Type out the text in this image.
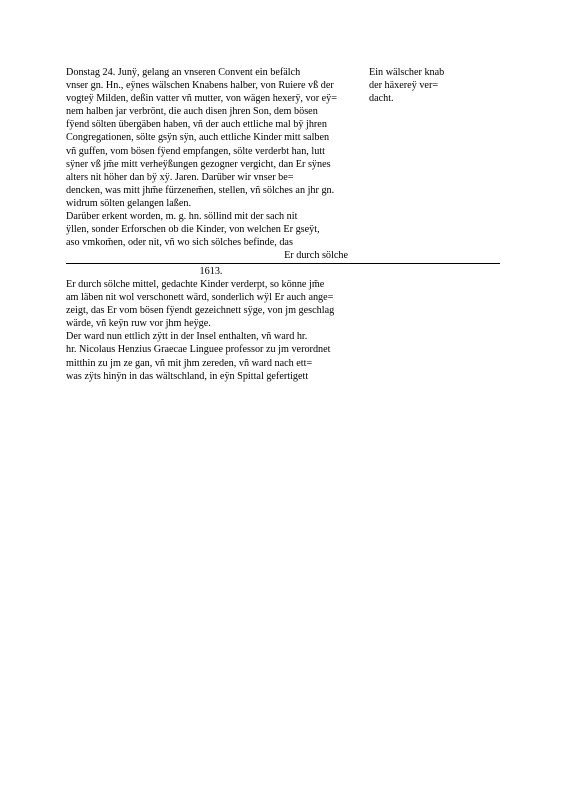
Donstag 24. Junÿ, gelang an vnseren Convent ein befälch
vnser gn. Hn., eÿnes wälschen Knabens halber, von Ruiere vß der
vogteÿ Milden, deßin vatter vñ mutter, von wägen hexerÿ, vor eÿ=
nem halben jar verbrönt, die auch disen jhren Son, dem bösen
fÿend sölten übergäben haben, vñ der auch ettliche mal bÿ jhren
Congregationen, sölte gsÿn sÿn, auch ettliche Kinder mitt salben
vñ guffen, vom bösen fÿend empfangen, sölte verderbt han, lutt
sÿner vß jm̃e mitt verheÿßungen gezogner vergicht, dan Er sÿnes
alters nit höher dan bÿ xÿ. Jaren. Darüber wir vnser be=
dencken, was mitt jhm̃e fürzenem̃en, stellen, vñ sölches an jhr gn.
widrum sölten gelangen laßen.
Darüber erkent worden, m. g. hn. söllind mit der sach nit
ÿllen, sonder Erforschen ob die Kinder, von welchen Er gseÿt,
aso vmkom̃en, oder nit, vñ wo sich sölches befinde, das
Er durch sölche
Ein wälscher knab
der häxereÿ ver=
dacht.
1613.
Er durch sölche mittel, gedachte Kinder verderpt, so könne jm̃e
am läben nit wol verschonett wärd, sonderlich wÿl Er auch ange=
zeigt, das Er vom bösen fÿendt gezeichnett sÿge, von jm geschlag
wärde, vñ keÿn ruw vor jhm heÿge.
Der ward nun ettlich zÿtt in der Insel enthalten, vñ ward hr.
hr. Nicolaus Henzius Graecae Linguee professor zu jm verordnet
mitthin zu jm ze gan, vñ mit jhm zereden, vñ ward nach ett=
was zÿts hinÿn in das wältschland, in eÿn Spittal gefertigett
